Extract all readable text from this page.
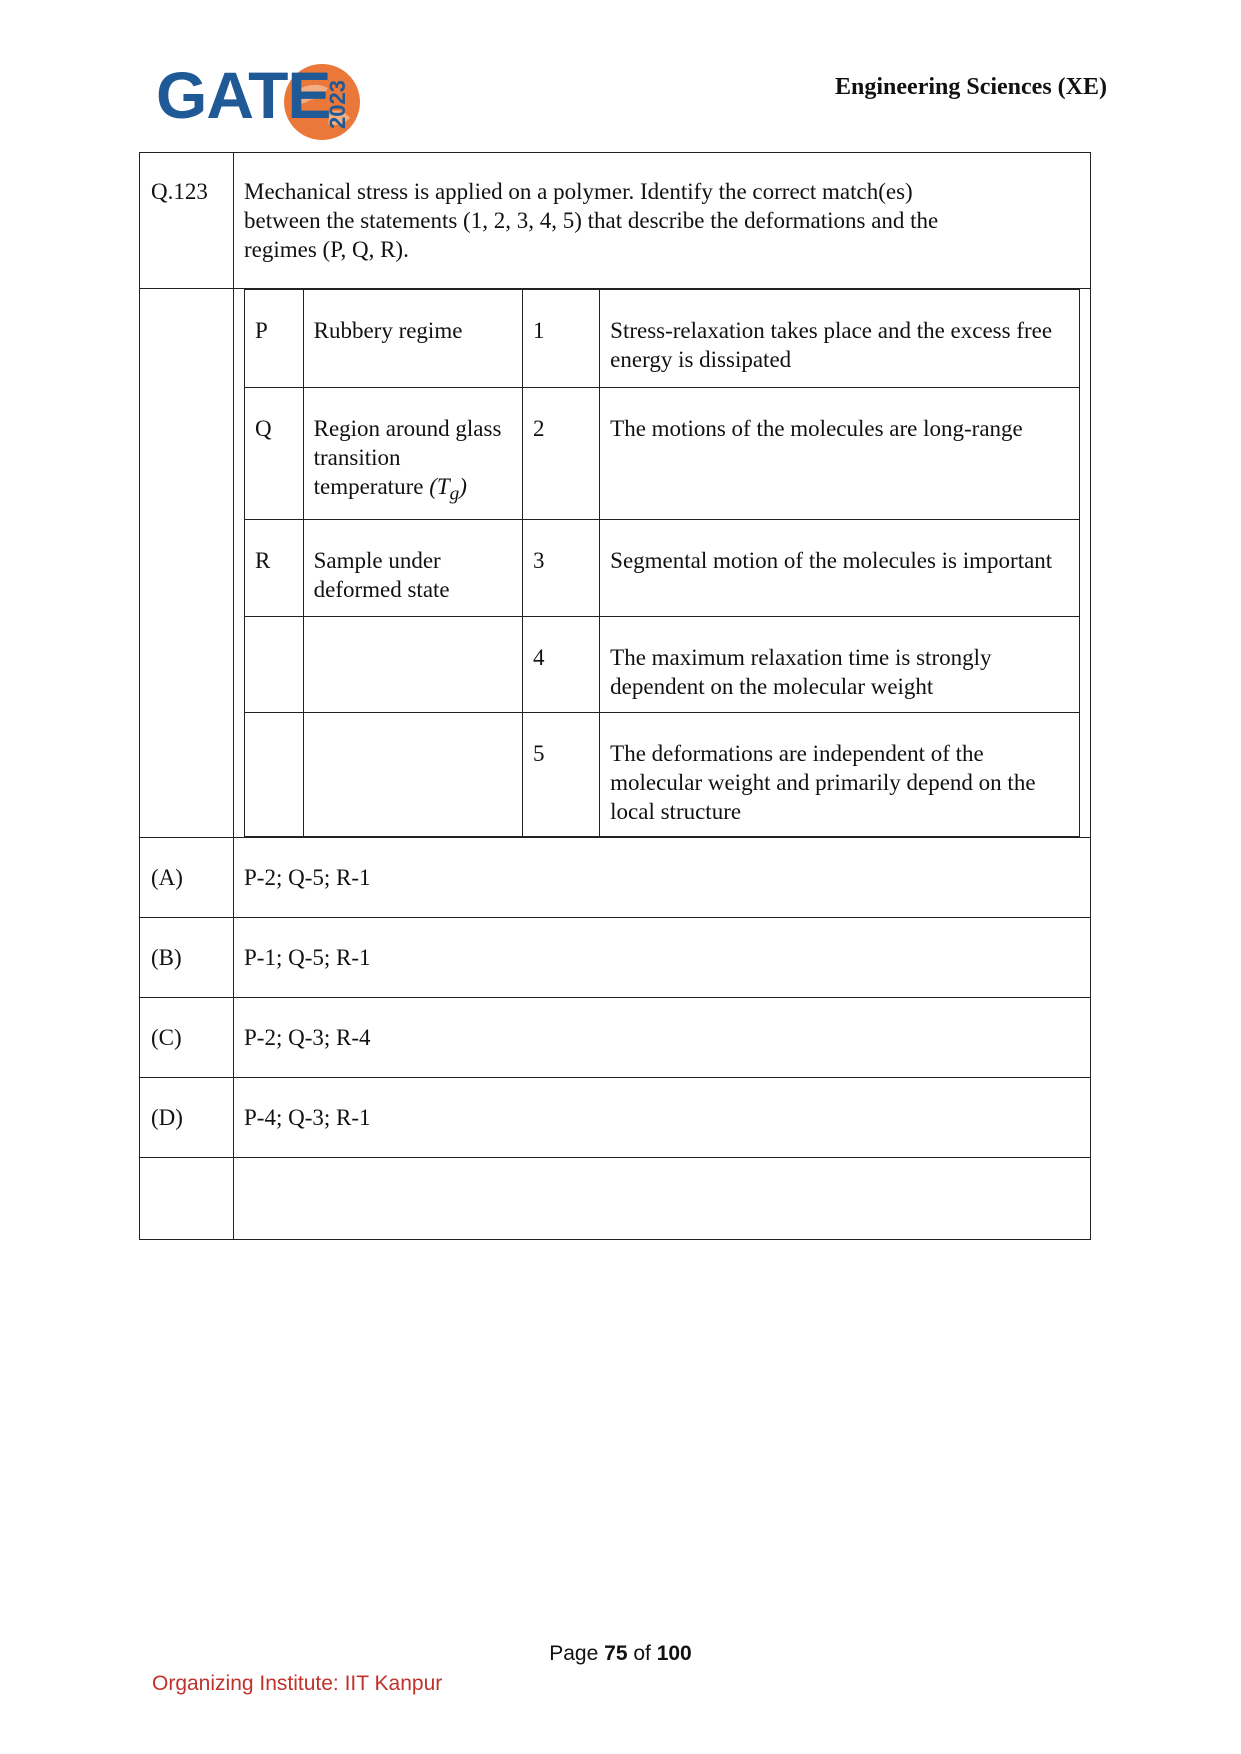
GATE
2023	Engineering Sciences (XE)
Q.123	Mechanical stress is applied on a polymer. Identify the correct match(es) between the statements (1, 2, 3, 4, 5) that describe the deformations and the regimes (P, Q, R).

P	Rubbery regime	1	Stress-relaxation takes place and the excess free energy is dissipated
Q	Region around glass transition temperature $(T_g)$	2	The motions of the molecules are long-range
R	Sample under deformed state	3	Segmental motion of the molecules is important
		4	The maximum relaxation time is strongly dependent on the molecular weight
		5	The deformations are independent of the molecular weight and primarily depend on the local structure

(A)	P-2; Q-5; R-1
(B)	P-1; Q-5; R-1
(C)	P-2; Q-3; R-4
(D)	P-4; Q-3; R-1

Page 75 of 100
Organizing Institute: IIT Kanpur
